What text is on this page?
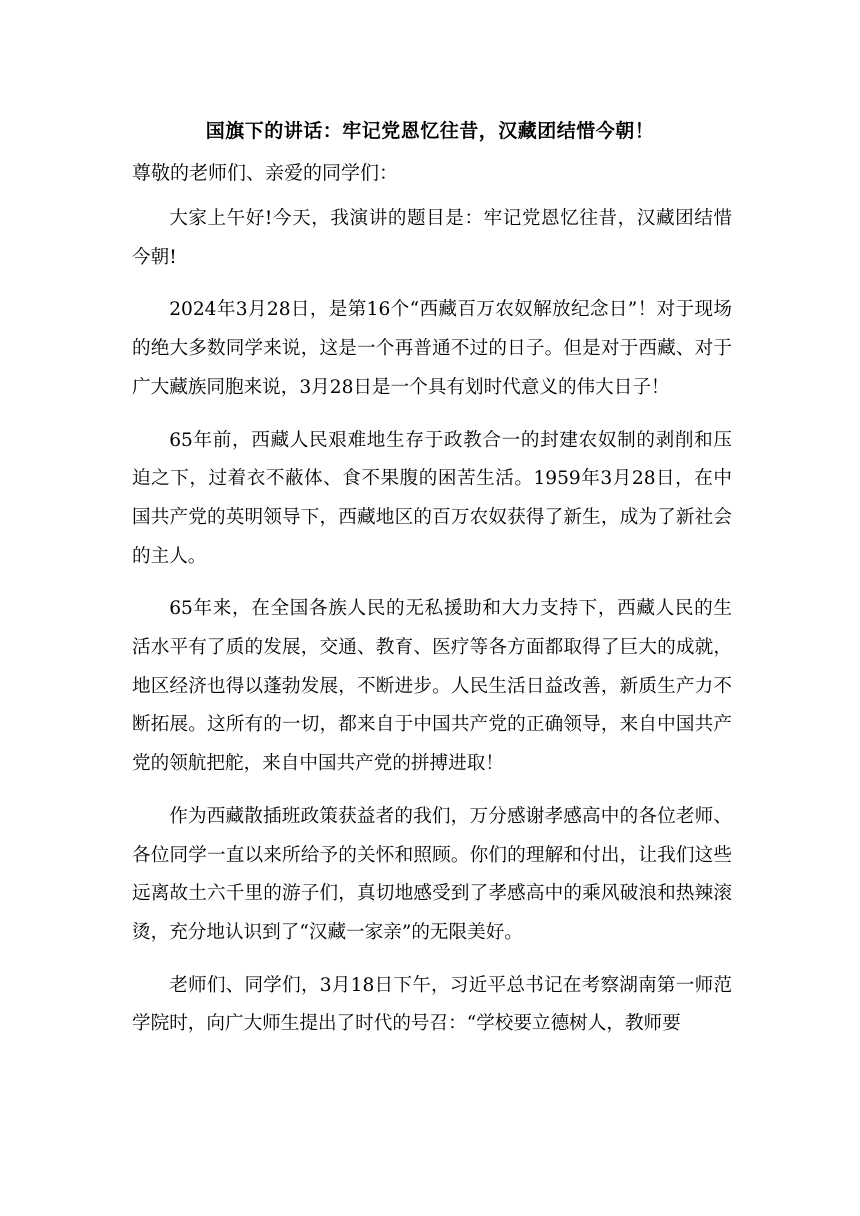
国旗下的讲话：牢记党恩忆往昔，汉藏团结惜今朝！
尊敬的老师们、亲爱的同学们：

大家上午好!今天，我演讲的题目是：牢记党恩忆往昔，汉藏团结惜今朝!

2024年3月28日，是第16个“西藏百万农奴解放纪念日”！对于现场的绝大多数同学来说，这是一个再普通不过的日子。但是对于西藏、对于广大藏族同胞来说，3月28日是一个具有划时代意义的伟大日子！

65年前，西藏人民艰难地生存于政教合一的封建农奴制的剥削和压迫之下，过着衣不蔽体、食不果腹的困苦生活。1959年3月28日，在中国共产党的英明领导下，西藏地区的百万农奴获得了新生，成为了新社会的主人。

65年来，在全国各族人民的无私援助和大力支持下，西藏人民的生活水平有了质的发展，交通、教育、医疗等各方面都取得了巨大的成就，地区经济也得以蓬勃发展，不断进步。人民生活日益改善，新质生产力不断拓展。这所有的一切，都来自于中国共产党的正确领导，来自中国共产党的领航把舵，来自中国共产党的拼搏进取！

作为西藏散插班政策获益者的我们，万分感谢孝感高中的各位老师、各位同学一直以来所给予的关怀和照顾。你们的理解和付出，让我们这些远离故土六千里的游子们，真切地感受到了孝感高中的乘风破浪和热辣滚烫，充分地认识到了“汉藏一家亲”的无限美好。

老师们、同学们，3月18日下午，习近平总书记在考察湖南第一师范学院时，向广大师生提出了时代的号召：“学校要立德树人，教师要
